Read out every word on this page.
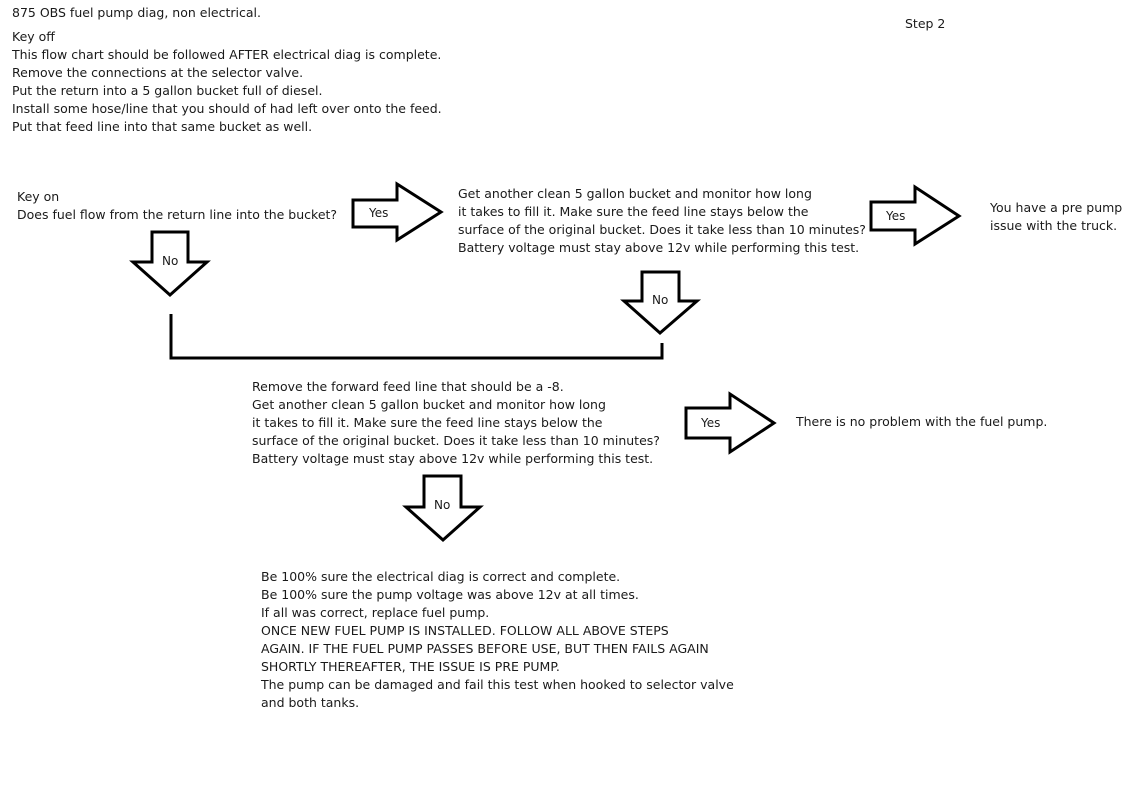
875 OBS fuel pump diag, non electrical.
Step 2
Key off
This flow chart should be followed AFTER electrical diag is complete.
Remove the connections at the selector valve.
Put the return into a 5 gallon bucket full of diesel.
Install some hose/line that you should of had left over onto the feed.
Put that feed line into that same bucket as well.
Key on
Does fuel flow from the return line into the bucket?
Get another clean 5 gallon bucket and monitor how long
it takes to fill it. Make sure the feed line stays below the
surface of the original bucket. Does it take less than 10 minutes?
Battery voltage must stay above 12v while performing this test.
You have a pre pump
issue with the truck.
Remove the forward feed line that should be a -8.
Get another clean 5 gallon bucket and monitor how long
it takes to fill it. Make sure the feed line stays below the
surface of the original bucket. Does it take less than 10 minutes?
Battery voltage must stay above 12v while performing this test.
There is no problem with the fuel pump.
Be 100% sure the electrical diag is correct and complete.
Be 100% sure the pump voltage was above 12v at all times.
If all was correct, replace fuel pump.
ONCE NEW FUEL PUMP IS INSTALLED. FOLLOW ALL ABOVE STEPS
AGAIN. IF THE FUEL PUMP PASSES BEFORE USE, BUT THEN FAILS AGAIN
SHORTLY THEREAFTER, THE ISSUE IS PRE PUMP.
The pump can be damaged and fail this test when hooked to selector valve
and both tanks.
Yes	Yes
Yes
No
No
No
